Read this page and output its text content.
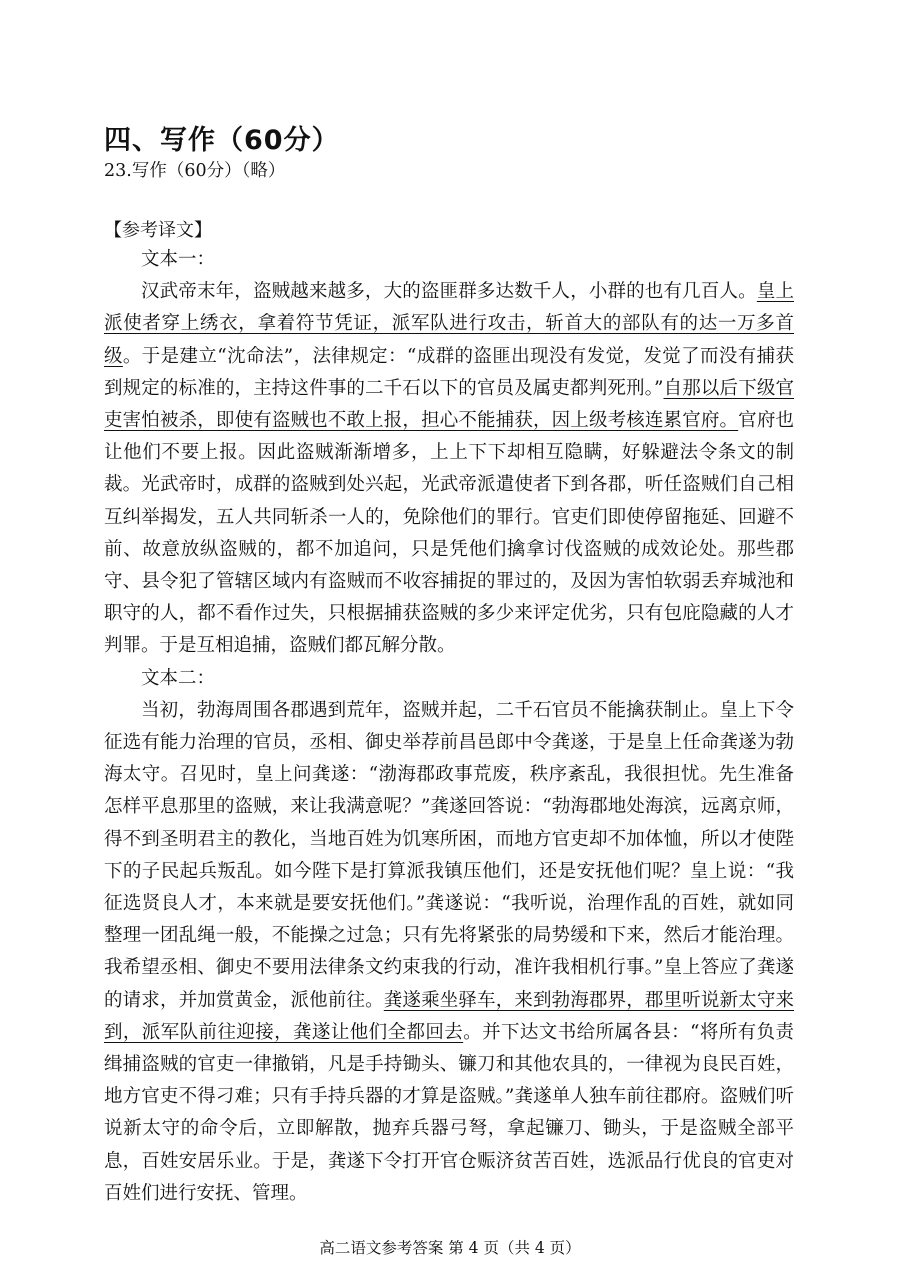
四、写作（60分）
23.写作（60分）（略）
【参考译文】

文本一：

汉武帝末年，盗贼越来越多，大的盗匪群多达数千人，小群的也有几百人。皇上派使者穿上绣衣，拿着符节凭证，派军队进行攻击，斩首大的部队有的达一万多首级。于是建立“沈命法”，法律规定：“成群的盗匪出现没有发觉，发觉了而没有捕获到规定的标准的，主持这件事的二千石以下的官员及属吏都判死刑。”自那以后下级官吏害怕被杀，即使有盗贼也不敢上报，担心不能捕获，因上级考核连累官府。官府也让他们不要上报。因此盗贼渐渐增多，上上下下却相互隐瞒，好躲避法令条文的制裁。光武帝时，成群的盗贼到处兴起，光武帝派遣使者下到各郡，听任盗贼们自己相互纠举揭发，五人共同斩杀一人的，免除他们的罪行。官吏们即使停留拖延、回避不前、故意放纵盗贼的，都不加追问，只是凭他们擒拿讨伐盗贼的成效论处。那些郡守、县令犯了管辖区域内有盗贼而不收容捕捉的罪过的，及因为害怕软弱丢弃城池和职守的人，都不看作过失，只根据捕获盗贼的多少来评定优劣，只有包庇隐藏的人才判罪。于是互相追捕，盗贼们都瓦解分散。

文本二：

当初，勃海周围各郡遇到荒年，盗贼并起，二千石官员不能擒获制止。皇上下令征选有能力治理的官员，丞相、御史举荐前昌邑郎中令龚遂，于是皇上任命龚遂为勃海太守。召见时，皇上问龚遂：“渤海郡政事荒废，秩序紊乱，我很担忧。先生准备怎样平息那里的盗贼，来让我满意呢？”龚遂回答说：“勃海郡地处海滨，远离京师，得不到圣明君主的教化，当地百姓为饥寒所困，而地方官吏却不加体恤，所以才使陛下的子民起兵叛乱。如今陛下是打算派我镇压他们，还是安抚他们呢？皇上说：“我征选贤良人才，本来就是要安抚他们。”龚遂说：“我听说，治理作乱的百姓，就如同整理一团乱绳一般，不能操之过急；只有先将紧张的局势缓和下来，然后才能治理。我希望丞相、御史不要用法律条文约束我的行动，准许我相机行事。”皇上答应了龚遂的请求，并加赏黄金，派他前往。龚遂乘坐驿车，来到勃海郡界，郡里听说新太守来到，派军队前往迎接，龚遂让他们全都回去。并下达文书给所属各县：“将所有负责缉捕盗贼的官吏一律撤销，凡是手持锄头、镰刀和其他农具的，一律视为良民百姓，地方官吏不得刁难；只有手持兵器的才算是盗贼。”龚遂单人独车前往郡府。盗贼们听说新太守的命令后，立即解散，抛弃兵器弓弩，拿起镰刀、锄头，于是盗贼全部平息，百姓安居乐业。于是，龚遂下令打开官仓赈济贫苦百姓，选派品行优良的官吏对百姓们进行安抚、管理。

高二语文参考答案 第 4 页（共 4 页）
